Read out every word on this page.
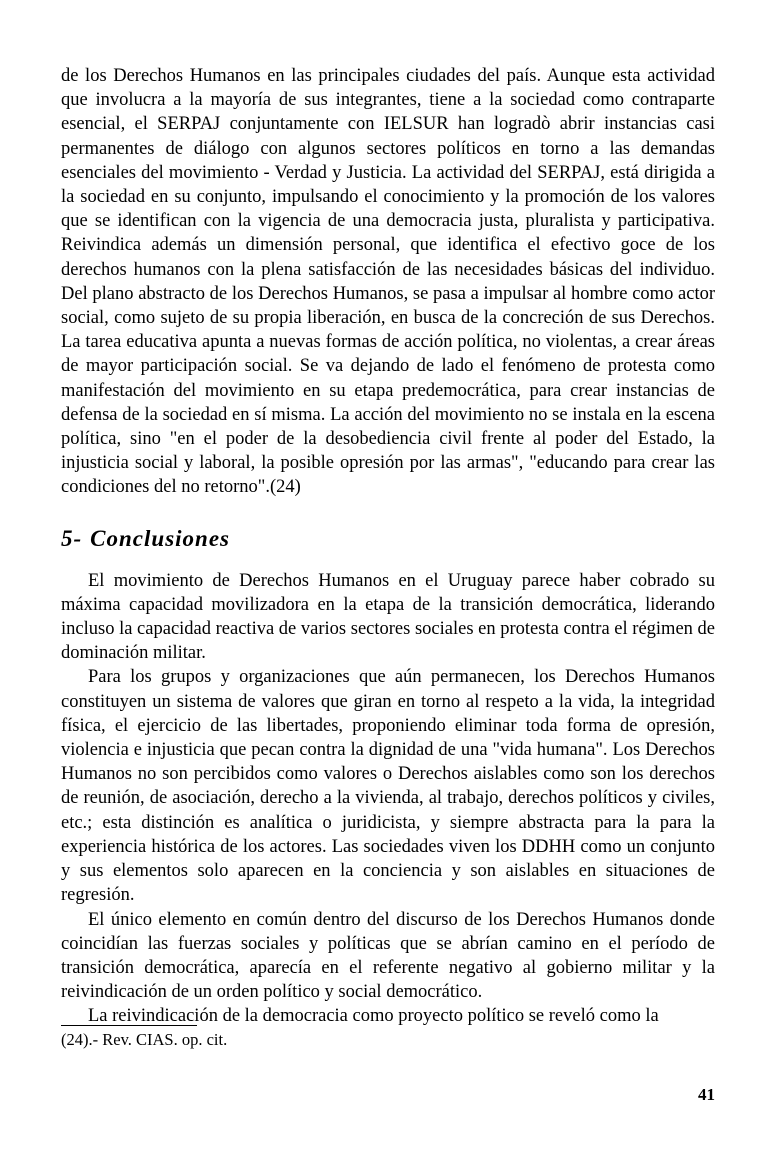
de los Derechos Humanos en las principales ciudades del país. Aunque esta actividad que involucra a la mayoría de sus integrantes, tiene a la sociedad como contraparte esencial, el SERPAJ conjuntamente con IELSUR han logradò abrir instancias casi permanentes de diálogo con algunos sectores políticos en torno a las demandas esenciales del movimiento - Verdad y Justicia. La actividad del SERPAJ, está dirigida a la sociedad en su conjunto, impulsando el conocimiento y la promoción de los valores que se identifican con la vigencia de una democracia justa, pluralista y participativa. Reivindica además un dimensión personal, que identifica el efectivo goce de los derechos humanos con la plena satisfacción de las necesidades básicas del individuo. Del plano abstracto de los Derechos Humanos, se pasa a impulsar al hombre como actor social, como sujeto de su propia liberación, en busca de la concreción de sus Derechos. La tarea educativa apunta a nuevas formas de acción política, no violentas, a crear áreas de mayor participación social. Se va dejando de lado el fenómeno de protesta como manifestación del movimiento en su etapa predemocrática, para crear instancias de defensa de la sociedad en sí misma. La acción del movimiento no se instala en la escena política, sino "en el poder de la desobediencia civil frente al poder del Estado, la injusticia social y laboral, la posible opresión por las armas", "educando para crear las condiciones del no retorno".(24)

5- Conclusiones

El movimiento de Derechos Humanos en el Uruguay parece haber cobrado su máxima capacidad movilizadora en la etapa de la transición democrática, liderando incluso la capacidad reactiva de varios sectores sociales en protesta contra el régimen de dominación militar.

Para los grupos y organizaciones que aún permanecen, los Derechos Humanos constituyen un sistema de valores que giran en torno al respeto a la vida, la integridad física, el ejercicio de las libertades, proponiendo eliminar toda forma de opresión, violencia e injusticia que pecan contra la dignidad de una "vida humana". Los Derechos Humanos no son percibidos como valores o Derechos aislables como son los derechos de reunión, de asociación, derecho a la vivienda, al trabajo, derechos políticos y civiles, etc.; esta distinción es analítica o juridicista, y siempre abstracta para la para la experiencia histórica de los actores. Las sociedades viven los DDHH como un conjunto y sus elementos solo aparecen en la conciencia y son aislables en situaciones de regresión.

El único elemento en común dentro del discurso de los Derechos Humanos donde coincidían las fuerzas sociales y políticas que se abrían camino en el período de transición democrática, aparecía en el referente negativo al gobierno militar y la reivindicación de un orden político y social democrático.

La reivindicación de la democracia como proyecto político se reveló como la

(24).- Rev. CIAS. op. cit.
41
